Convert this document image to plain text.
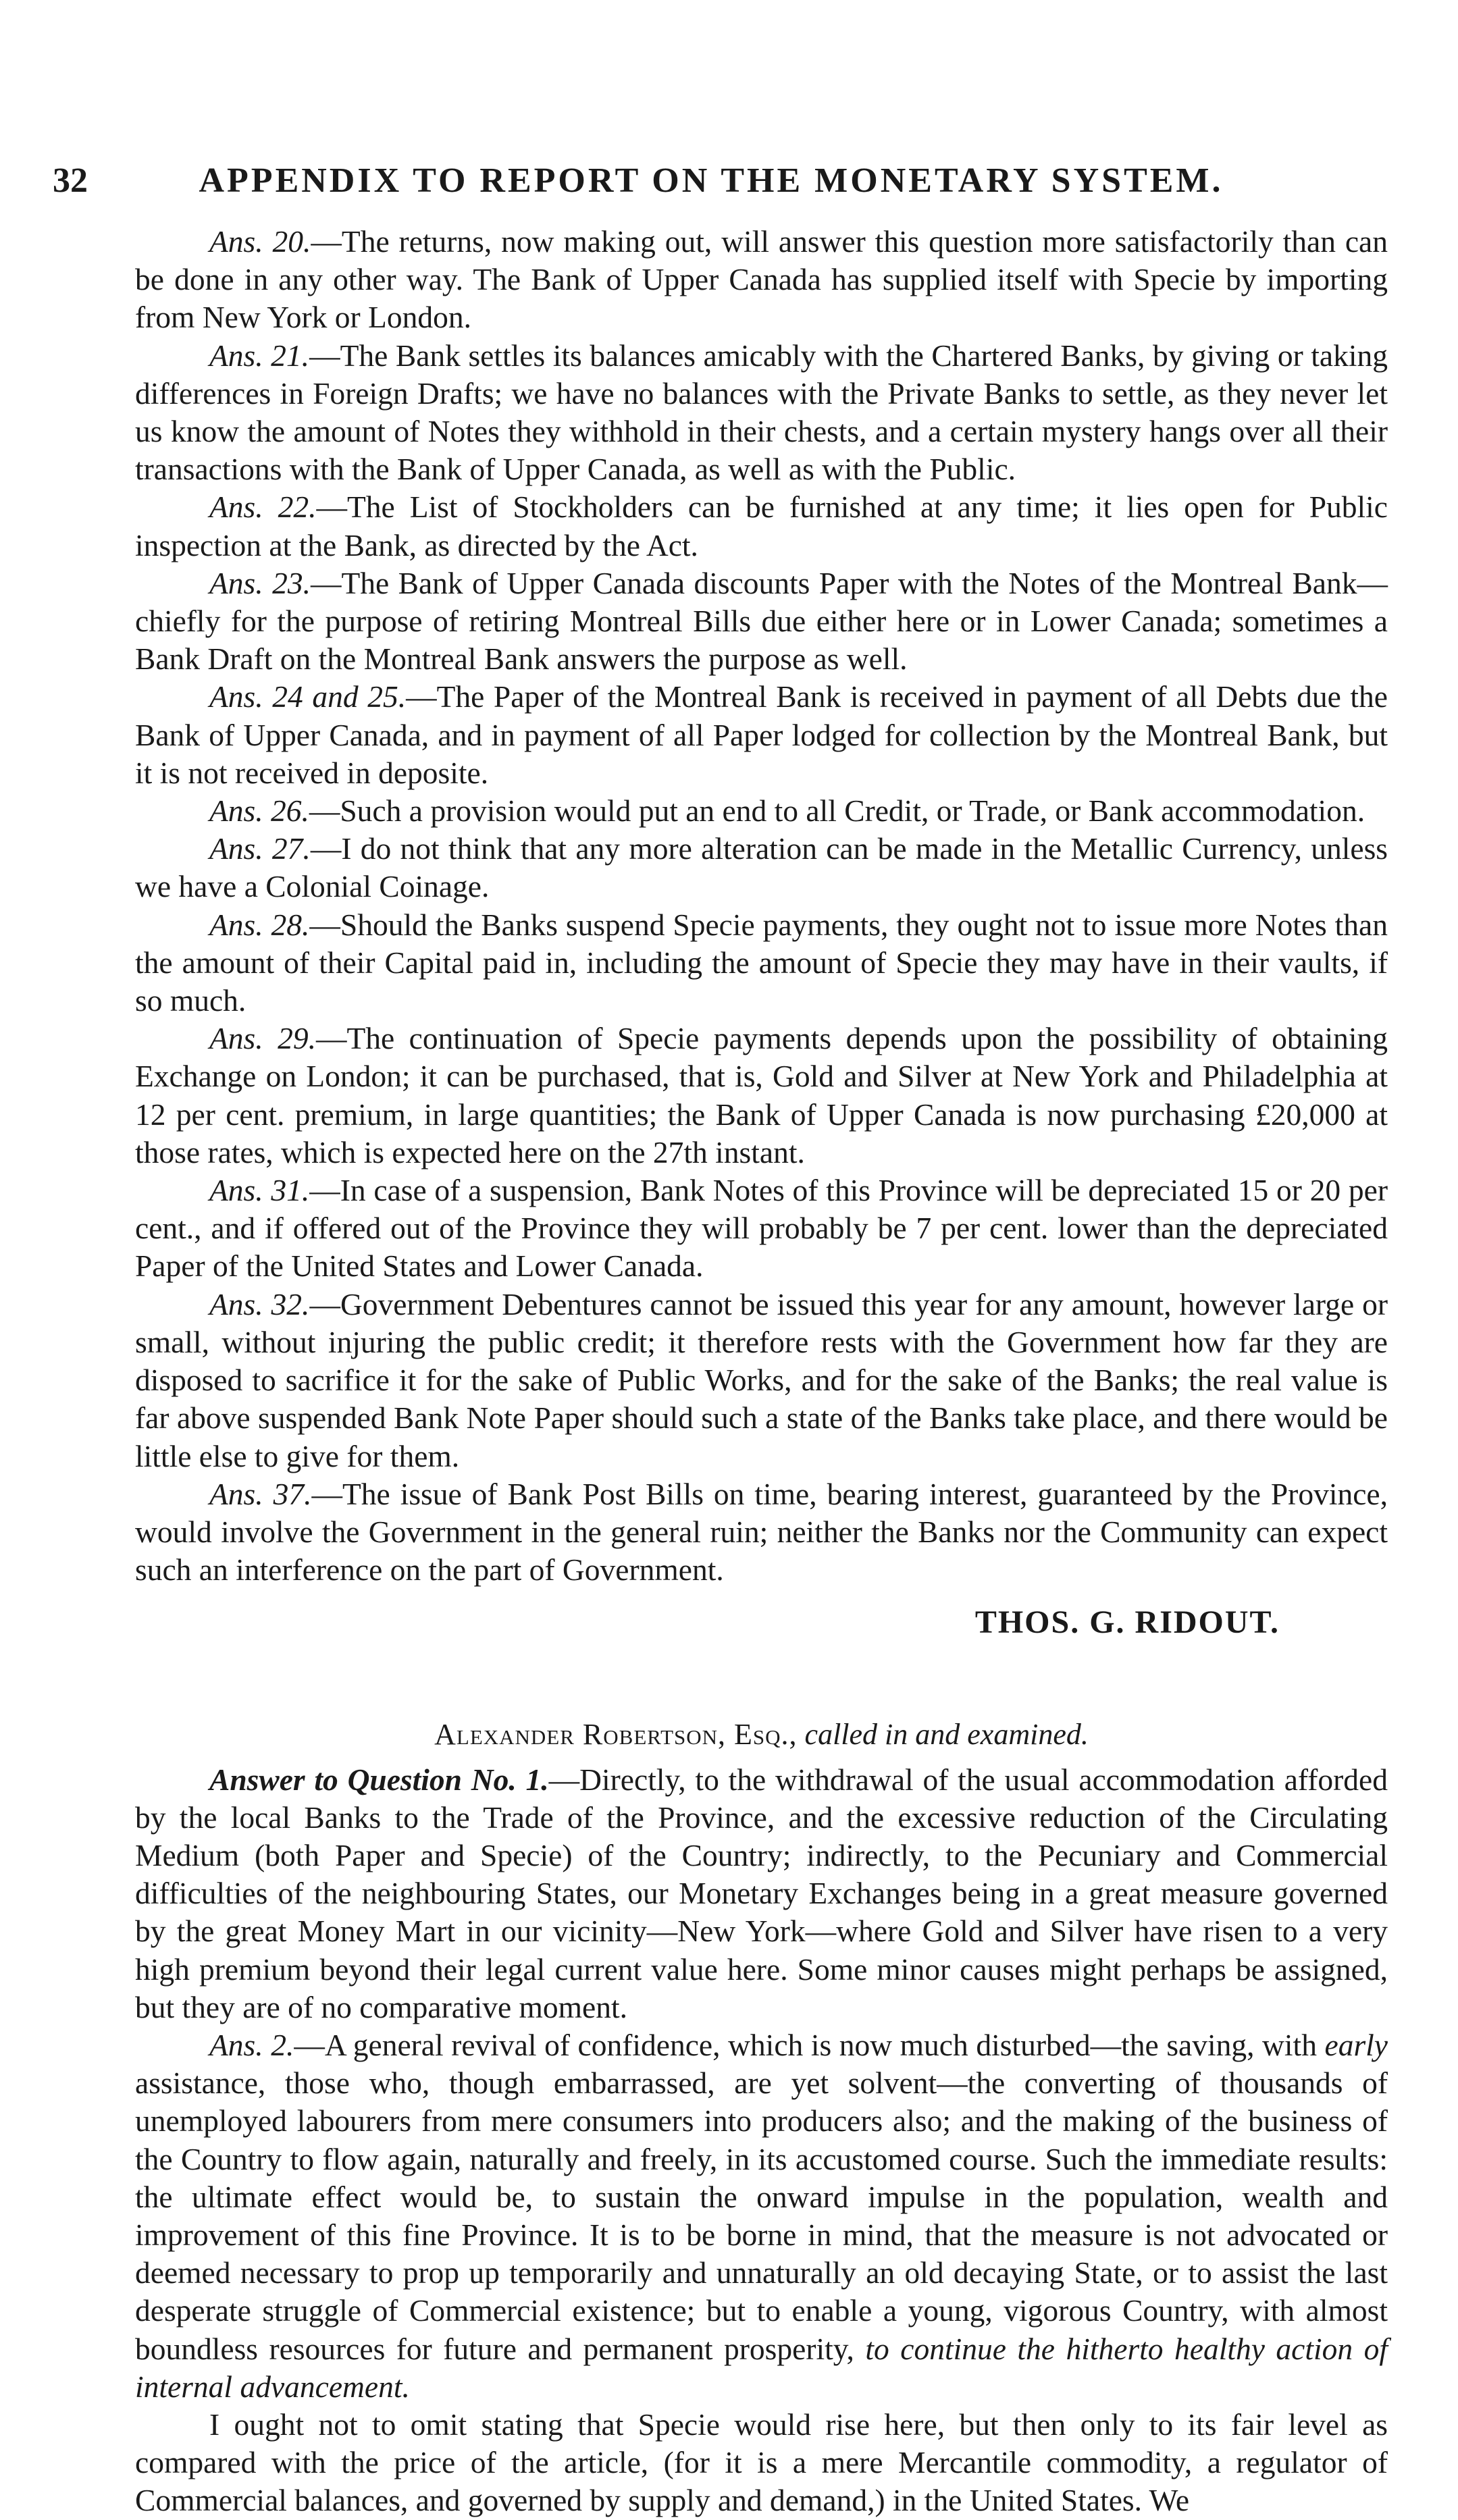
32	APPENDIX TO REPORT ON THE MONETARY SYSTEM.

Ans. 20.—The returns, now making out, will answer this question more satisfactorily than can be done in any other way. The Bank of Upper Canada has supplied itself with Specie by importing from New York or London.

Ans. 21.—The Bank settles its balances amicably with the Chartered Banks, by giving or taking differences in Foreign Drafts; we have no balances with the Private Banks to settle, as they never let us know the amount of Notes they withhold in their chests, and a certain mystery hangs over all their transactions with the Bank of Upper Canada, as well as with the Public.

Ans. 22.—The List of Stockholders can be furnished at any time; it lies open for Public inspection at the Bank, as directed by the Act.

Ans. 23.—The Bank of Upper Canada discounts Paper with the Notes of the Montreal Bank—chiefly for the purpose of retiring Montreal Bills due either here or in Lower Canada; sometimes a Bank Draft on the Montreal Bank answers the purpose as well.

Ans. 24 and 25.—The Paper of the Montreal Bank is received in payment of all Debts due the Bank of Upper Canada, and in payment of all Paper lodged for collection by the Montreal Bank, but it is not received in deposite.

Ans. 26.—Such a provision would put an end to all Credit, or Trade, or Bank accommodation.

Ans. 27.—I do not think that any more alteration can be made in the Metallic Currency, unless we have a Colonial Coinage.

Ans. 28.—Should the Banks suspend Specie payments, they ought not to issue more Notes than the amount of their Capital paid in, including the amount of Specie they may have in their vaults, if so much.

Ans. 29.—The continuation of Specie payments depends upon the possibility of obtaining Exchange on London; it can be purchased, that is, Gold and Silver at New York and Philadelphia at 12 per cent. premium, in large quantities; the Bank of Upper Canada is now purchasing £20,000 at those rates, which is expected here on the 27th instant.

Ans. 31.—In case of a suspension, Bank Notes of this Province will be depreciated 15 or 20 per cent., and if offered out of the Province they will probably be 7 per cent. lower than the depreciated Paper of the United States and Lower Canada.

Ans. 32.—Government Debentures cannot be issued this year for any amount, however large or small, without injuring the public credit; it therefore rests with the Government how far they are disposed to sacrifice it for the sake of Public Works, and for the sake of the Banks; the real value is far above suspended Bank Note Paper should such a state of the Banks take place, and there would be little else to give for them.

Ans. 37.—The issue of Bank Post Bills on time, bearing interest, guaranteed by the Province, would involve the Government in the general ruin; neither the Banks nor the Community can expect such an interference on the part of Government.

THOS. G. RIDOUT.
Alexander Robertson, Esq., called in and examined.

Answer to Question No. 1.—Directly, to the withdrawal of the usual accommodation afforded by the local Banks to the Trade of the Province, and the excessive reduction of the Circulating Medium (both Paper and Specie) of the Country; indirectly, to the Pecuniary and Commercial difficulties of the neighbouring States, our Monetary Exchanges being in a great measure governed by the great Money Mart in our vicinity—New York—where Gold and Silver have risen to a very high premium beyond their legal current value here. Some minor causes might perhaps be assigned, but they are of no comparative moment.

Ans. 2.—A general revival of confidence, which is now much disturbed—the saving, with early assistance, those who, though embarrassed, are yet solvent—the converting of thousands of unemployed labourers from mere consumers into producers also; and the making of the business of the Country to flow again, naturally and freely, in its accustomed course. Such the immediate results: the ultimate effect would be, to sustain the onward impulse in the population, wealth and improvement of this fine Province. It is to be borne in mind, that the measure is not advocated or deemed necessary to prop up temporarily and unnaturally an old decaying State, or to assist the last desperate struggle of Commercial existence; but to enable a young, vigorous Country, with almost boundless resources for future and permanent prosperity, to continue the hitherto healthy action of internal advancement.

I ought not to omit stating that Specie would rise here, but then only to its fair level as compared with the price of the article, (for it is a mere Mercantile commodity, a regulator of Commercial balances, and governed by supply and demand,) in the United States. We
